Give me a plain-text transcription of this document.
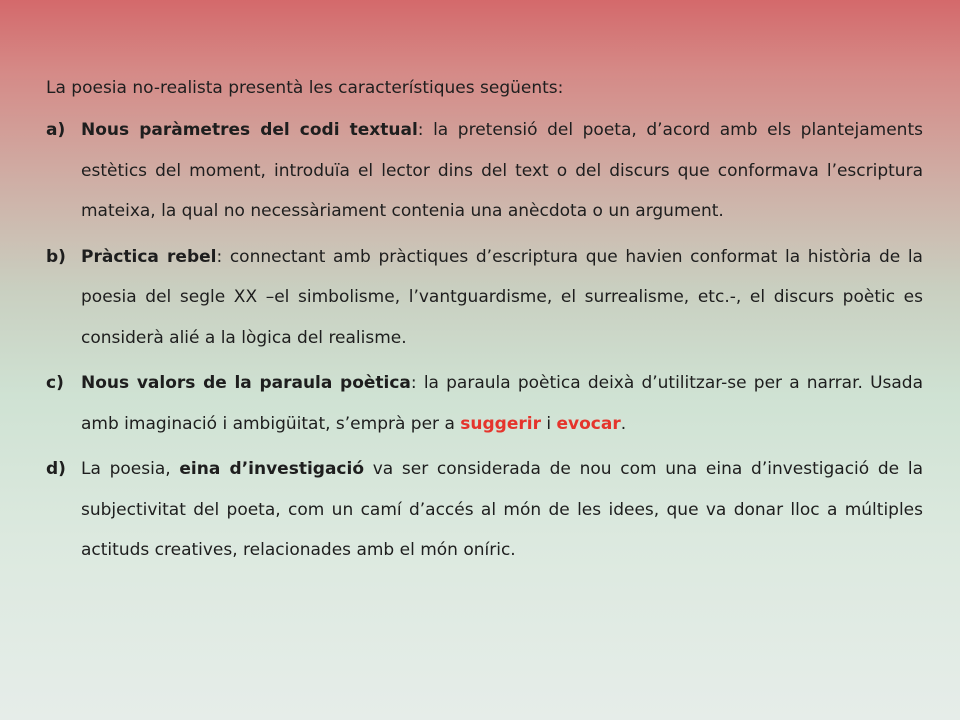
La poesia no-realista presentà les característiques següents:

a) Nous paràmetres del codi textual: la pretensió del poeta, d’acord amb els plantejaments estètics del moment, introduïa el lector dins del text o del discurs que conformava l’escriptura mateixa, la qual no necessàriament contenia una anècdota o un argument.
b) Pràctica rebel: connectant amb pràctiques d’escriptura que havien conformat la història de la poesia del segle XX –el simbolisme, l’vantguardisme, el surrealisme, etc.-, el discurs poètic es considerà alié a la lògica del realisme.
c)	Nous valors de la paraula poètica: la paraula poètica deixà d’utilitzar-se per a narrar. Usada amb imaginació i ambigüitat, s’emprà per a suggerir i evocar.
d) La poesia, eina d’investigació va ser considerada de nou com una eina d’investigació de la subjectivitat del poeta, com un camí d’accés al món de les idees, que va donar lloc a múltiples actituds creatives, relacionades amb el món oníric.
